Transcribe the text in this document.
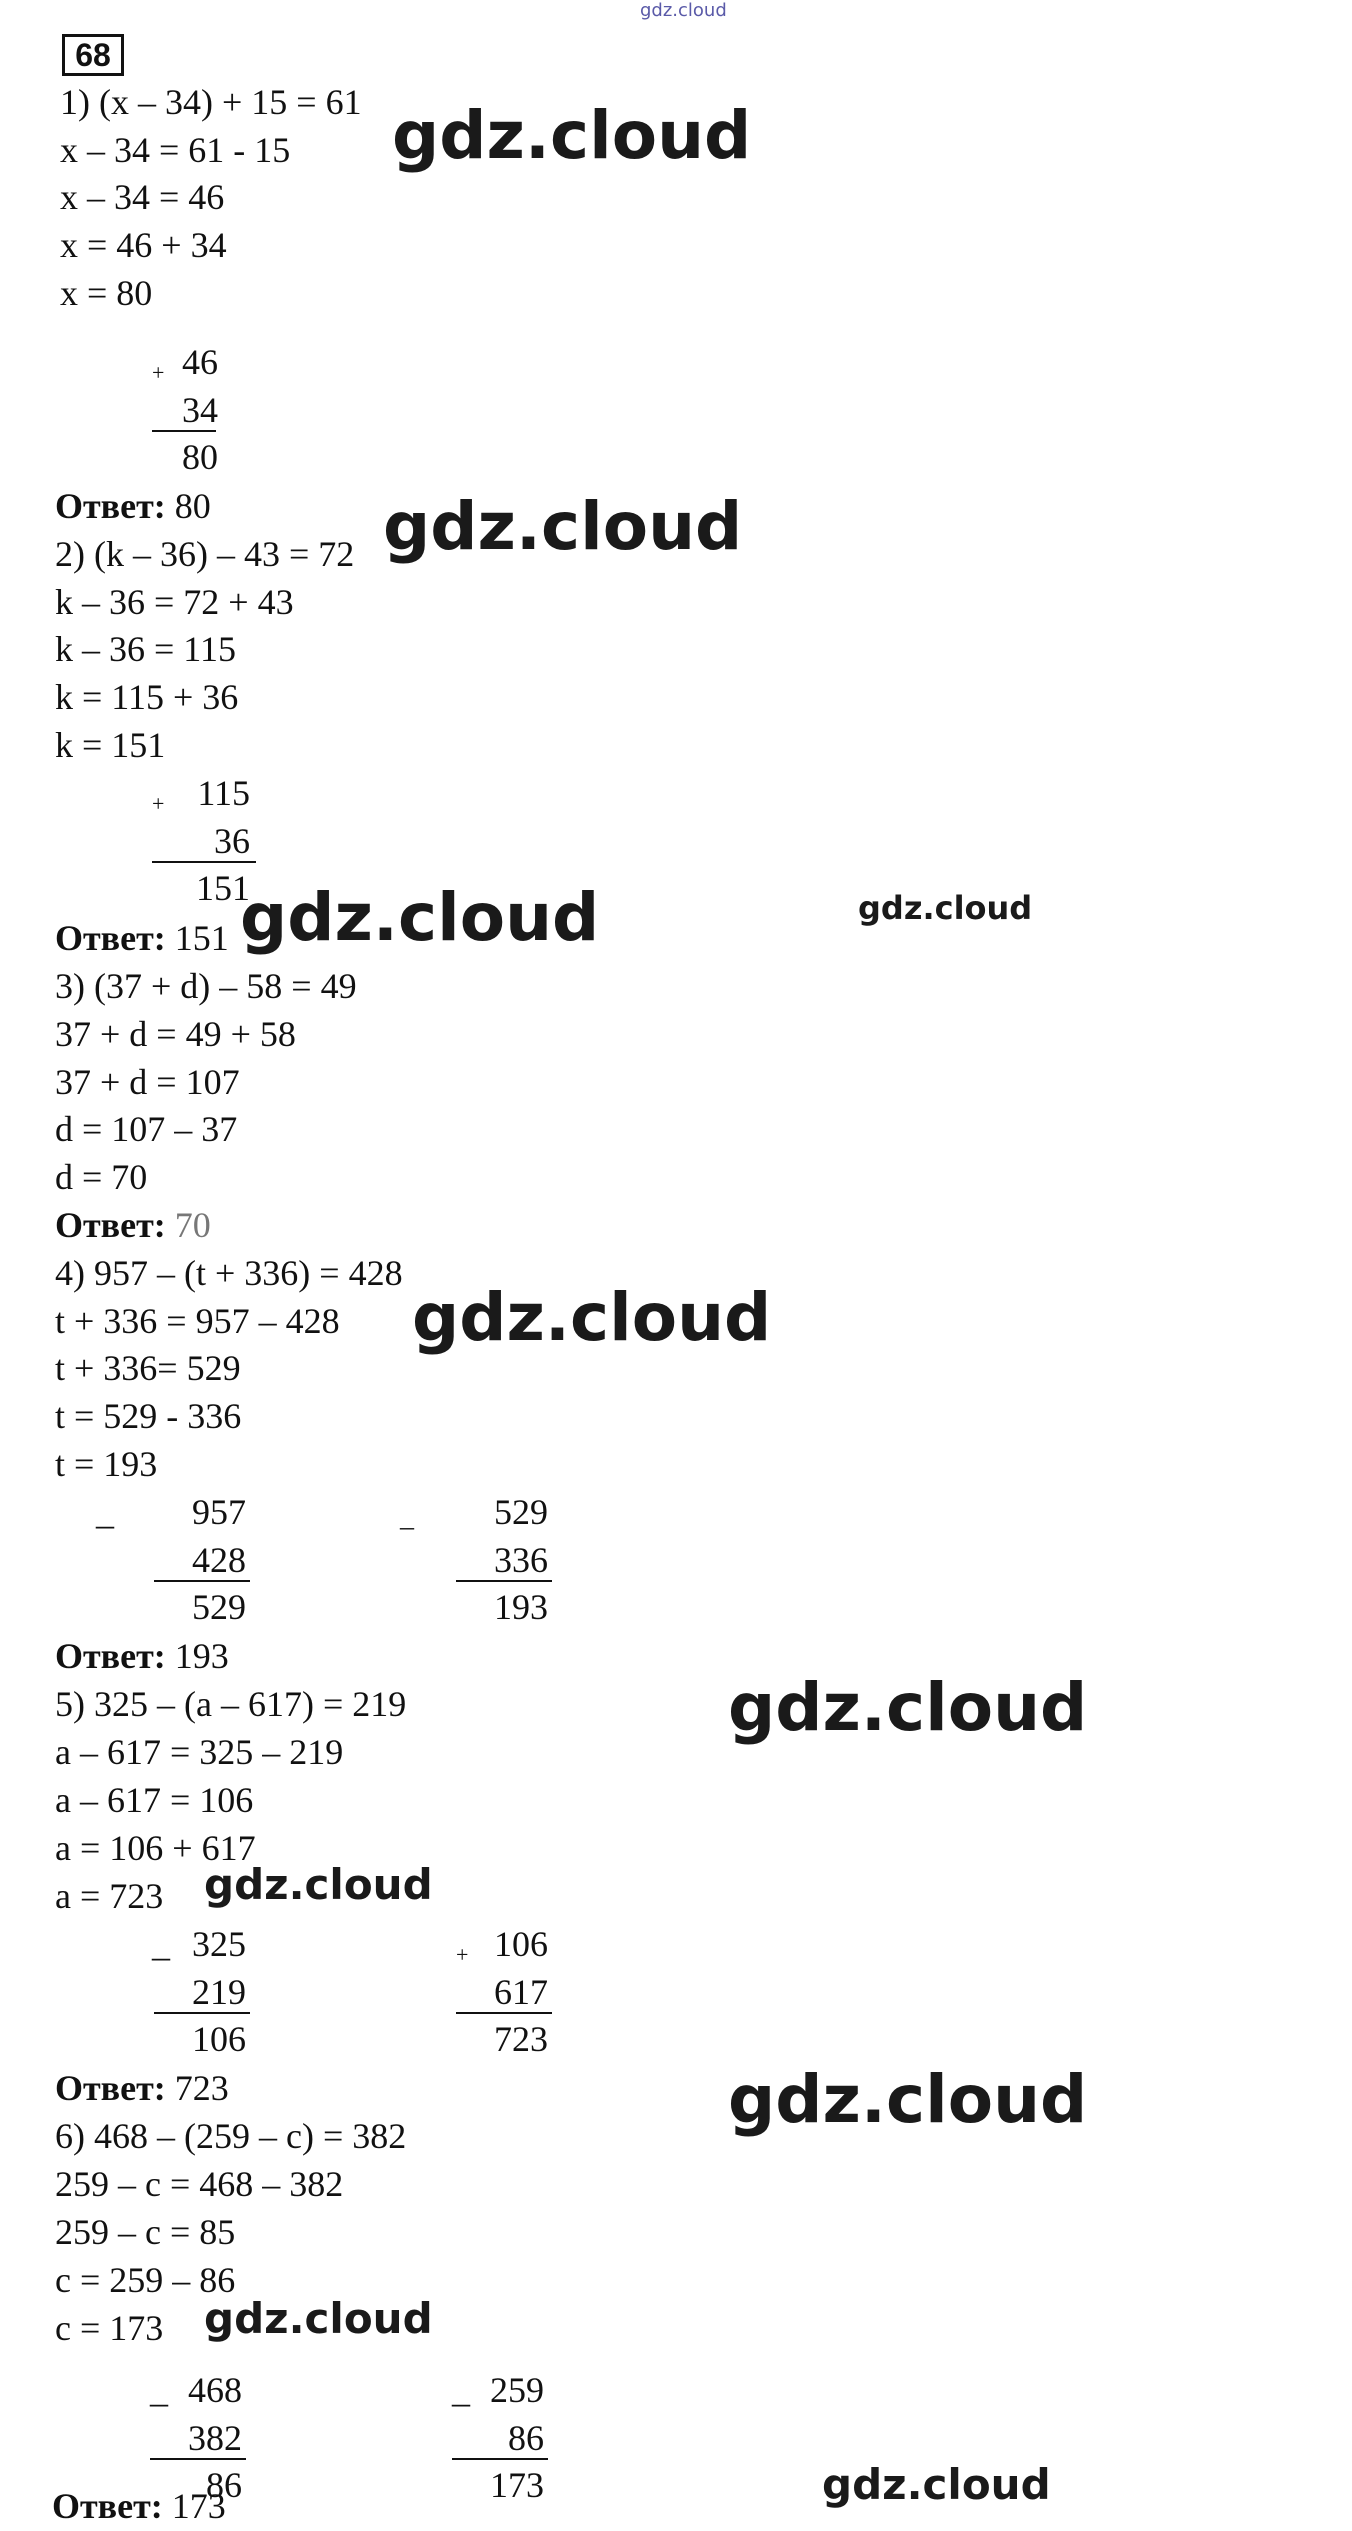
gdz.cloud
68
1) (x – 34) + 15 = 61
x – 34 = 61 - 15
x – 34 = 46
x = 46 + 34
x = 80
+ 46
34
80
Ответ: 80
2) (k – 36) – 43 = 72
k – 36 = 72 + 43
k – 36 = 115
k = 115 + 36
k = 151
+ 115
36
151
Ответ: 151
3) (37 + d) – 58 = 49
37 + d = 49 + 58
37 + d = 107
d = 107 – 37
d = 70
Ответ: 70
4) 957 – (t + 336) = 428
t + 336 = 957 – 428
t + 336= 529
t = 529 - 336
t = 193
_	957
428
529
_	529
336
193
Ответ: 193
5) 325 – (a – 617) = 219
a – 617 = 325 – 219
a – 617 = 106
a = 106 + 617
a = 723
_ 325
219
106
+ 106
617
723
Ответ: 723
6) 468 – (259 – c) = 382
259 – c = 468 – 382
259 – c = 85
c = 259 – 86
c = 173
_ 468
382
86
_ 259
86
173
Ответ: 173
gdz.cloud
gdz.cloud
gdz.cloud	gdz.cloud
gdz.cloud
gdz.cloud
gdz.cloud
gdz.cloud
gdz.cloud
gdz.cloud
